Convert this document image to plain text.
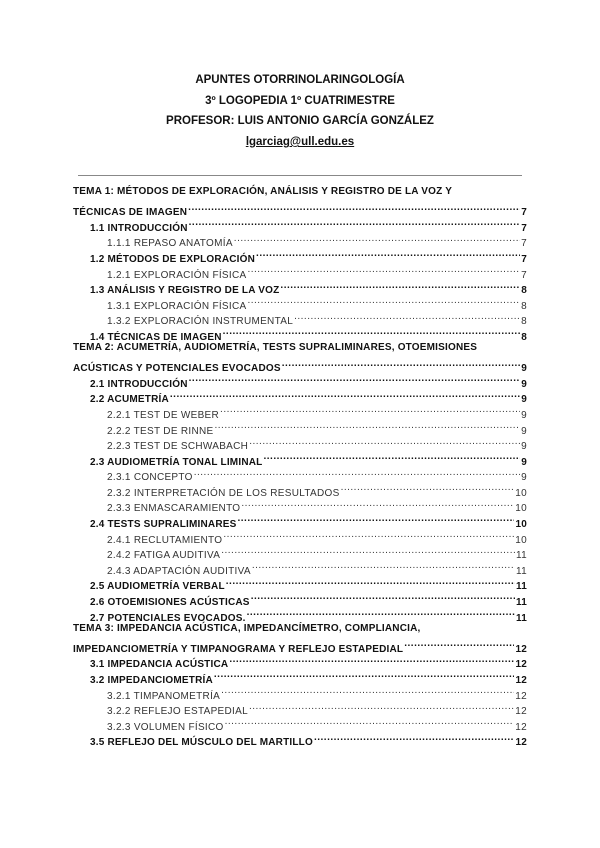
APUNTES OTORRINOLARINGOLOGÍA
3º LOGOPEDIA 1º CUATRIMESTRE
PROFESOR: LUIS ANTONIO GARCÍA GONZÁLEZ
lgarciag@ull.edu.es
TEMA 1: MÉTODOS DE EXPLORACIÓN, ANÁLISIS Y REGISTRO DE LA VOZ Y
TÉCNICAS DE IMAGEN .....	7
1.1 INTRODUCCIÓN .....	7
1.1.1 REPASO ANATOMÍA .....	7
1.2 MÉTODOS DE EXPLORACIÓN .....	7
1.2.1 EXPLORACIÓN FÍSICA .....	7
1.3 ANÁLISIS Y REGISTRO DE LA VOZ .....	8
1.3.1 EXPLORACIÓN FÍSICA .....	8
1.3.2 EXPLORACIÓN INSTRUMENTAL .....	8
1.4 TÉCNICAS DE IMAGEN .....	8
TEMA 2: ACUMETRÍA, AUDIOMETRÍA, TESTS SUPRALIMINARES, OTOEMISIONES
ACÚSTICAS Y POTENCIALES EVOCADOS .....	9
2.1 INTRODUCCIÓN .....	9
2.2 ACUMETRÍA .....	9
2.2.1 TEST DE WEBER .....	9
2.2.2 TEST DE RINNE .....	9
2.2.3 TEST DE SCHWABACH .....	9
2.3 AUDIOMETRÍA TONAL LIMINAL .....	9
2.3.1 CONCEPTO .....	9
2.3.2 INTERPRETACIÓN DE LOS RESULTADOS .....	10
2.3.3 ENMASCARAMIENTO .....	10
2.4 TESTS SUPRALIMINARES .....	10
2.4.1 RECLUTAMIENTO .....	10
2.4.2 FATIGA AUDITIVA .....	11
2.4.3 ADAPTACIÓN AUDITIVA .....	11
2.5 AUDIOMETRÍA VERBAL .....	11
2.6 OTOEMISIONES ACÚSTICAS .....	11
2.7 POTENCIALES EVOCADOS. .....	11
TEMA 3: IMPEDANCIA ACÚSTICA, IMPEDANCÍMETRO, COMPLIANCIA,
IMPEDANCIOMETRÍA Y TIMPANOGRAMA Y REFLEJO ESTAPEDIAL .....	12
3.1 IMPEDANCIA ACÚSTICA .....	12
3.2 IMPEDANCIOMETRÍA .....	12
3.2.1 TIMPANOMETRÍA .....	12
3.2.2 REFLEJO ESTAPEDIAL .....	12
3.2.3 VOLUMEN FÍSICO .....	12
3.5 REFLEJO DEL MÚSCULO DEL MARTILLO .....	12
